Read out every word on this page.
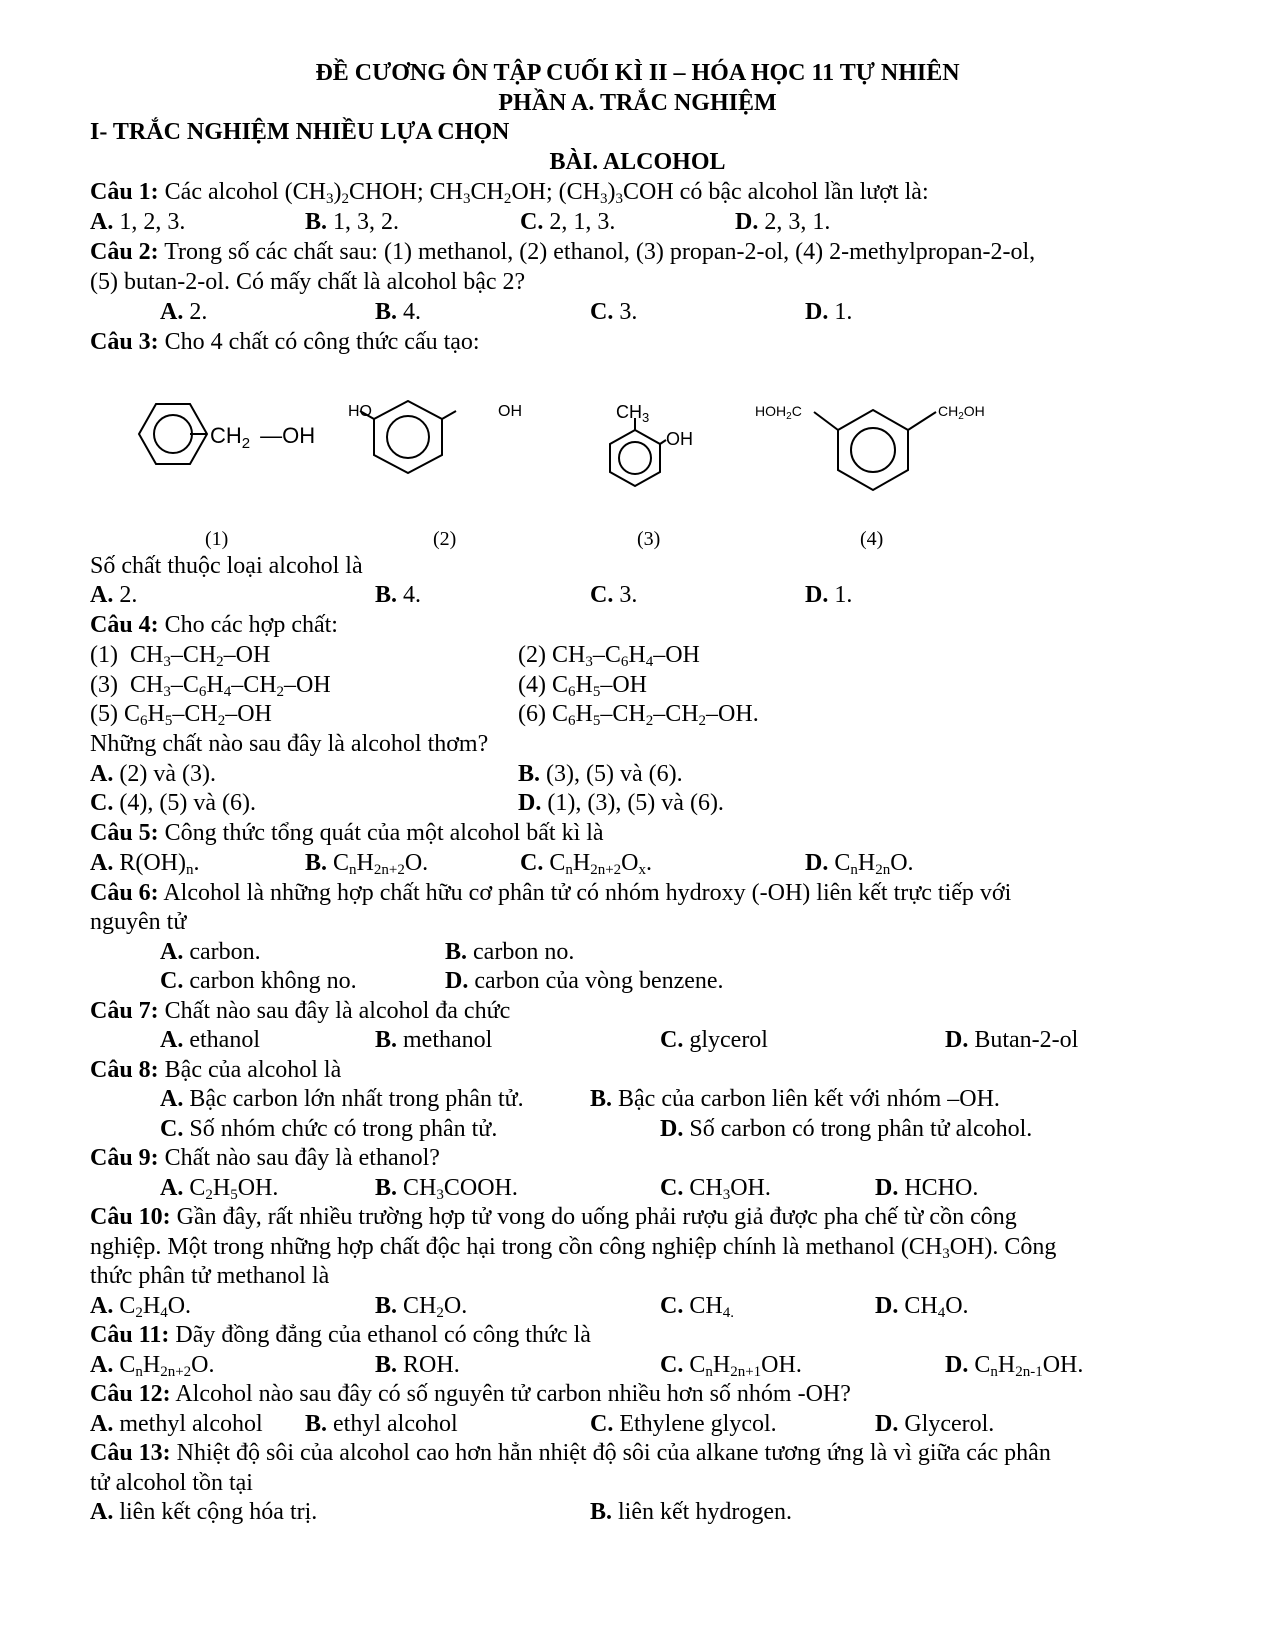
ĐỀ CƯƠNG ÔN TẬP CUỐI KÌ II – HÓA HỌC 11 TỰ NHIÊN
PHẦN A. TRẮC NGHIỆM
I- TRẮC NGHIỆM NHIỀU LỰA CHỌN
BÀI. ALCOHOL
Câu 1: Các alcohol $(CH_3)_2CHOH$; $CH_3CH_2OH$; $(CH_3)_3COH$ có bậc alcohol lần lượt là:
A. 1, 2, 3.	B. 1, 3, 2.	C. 2, 1, 3.	D. 2, 3, 1.
Câu 2: Trong số các chất sau: (1) methanol, (2) ethanol, (3) propan-2-ol, (4) 2-methylpropan-2-ol,
(5) butan-2-ol. Có mấy chất là alcohol bậc 2?
A. 2.	B. 4.	C. 3.	D. 1.
Câu 3: Cho 4 chất có công thức cấu tạo:
$CH_2$ —OH
HO	OH	$CH_3$
OH
$HOH_2C$	$CH_2OH$
(1)	(2)	(3)	(4)
Số chất thuộc loại alcohol là
A. 2.	B. 4.	C. 3.	D. 1.
Câu 4: Cho các hợp chất:
(1)  $CH_3-CH_2-OH$	(2) $CH_3-C_6H_4-OH$
(3)  $CH_3-C_6H_4-CH_2-OH$	(4) $C_6H_5-OH$
(5) $C_6H_5-CH_2-OH$	(6) $C_6H_5-CH_2-CH_2-OH$.
Những chất nào sau đây là alcohol thơm?
A. (2) và (3).	B. (3), (5) và (6).
C. (4), (5) và (6).	D. (1), (3), (5) và (6).
Câu 5: Công thức tổng quát của một alcohol bất kì là
A. $R(OH)_n$.	B. $C_nH_{2n+2}O$.	C. $C_nH_{2n+2}O_x$.	D. $C_nH_{2n}O$.
Câu 6: Alcohol là những hợp chất hữu cơ phân tử có nhóm hydroxy (-OH) liên kết trực tiếp với
nguyên tử
A. carbon.	B. carbon no.
C. carbon không no.	D. carbon của vòng benzene.
Câu 7: Chất nào sau đây là alcohol đa chức
A. ethanol	B. methanol	C. glycerol	D. Butan-2-ol
Câu 8: Bậc của alcohol là
A. Bậc carbon lớn nhất trong phân tử.	B. Bậc của carbon liên kết với nhóm –OH.
C. Số nhóm chức có trong phân tử.	D. Số carbon có trong phân tử alcohol.
Câu 9: Chất nào sau đây là ethanol?
A. $C_2H_5OH$.	B. $CH_3COOH$.	C. $CH_3OH$.	D. HCHO.
Câu 10: Gần đây, rất nhiều trường hợp tử vong do uống phải rượu giả được pha chế từ cồn công
nghiệp. Một trong những hợp chất độc hại trong cồn công nghiệp chính là methanol $(CH_3OH)$. Công
thức phân tử methanol là
A. $C_2H_4O$.	B. $CH_2O$.	C. $CH_{4.}$	D. $CH_4O$.
Câu 11: Dãy đồng đẳng của ethanol có công thức là
A. $C_nH_{2n+2}O$.	B. ROH.	C. $C_nH_{2n+1}OH$.	D. $C_nH_{2n-1}OH$.
Câu 12: Alcohol nào sau đây có số nguyên tử carbon nhiều hơn số nhóm -OH?
A. methyl alcohol B. ethyl alcohol	C. Ethylene glycol.	D. Glycerol.
Câu 13: Nhiệt độ sôi của alcohol cao hơn hẳn nhiệt độ sôi của alkane tương ứng là vì giữa các phân
tử alcohol tồn tại
A. liên kết cộng hóa trị.	B. liên kết hydrogen.
